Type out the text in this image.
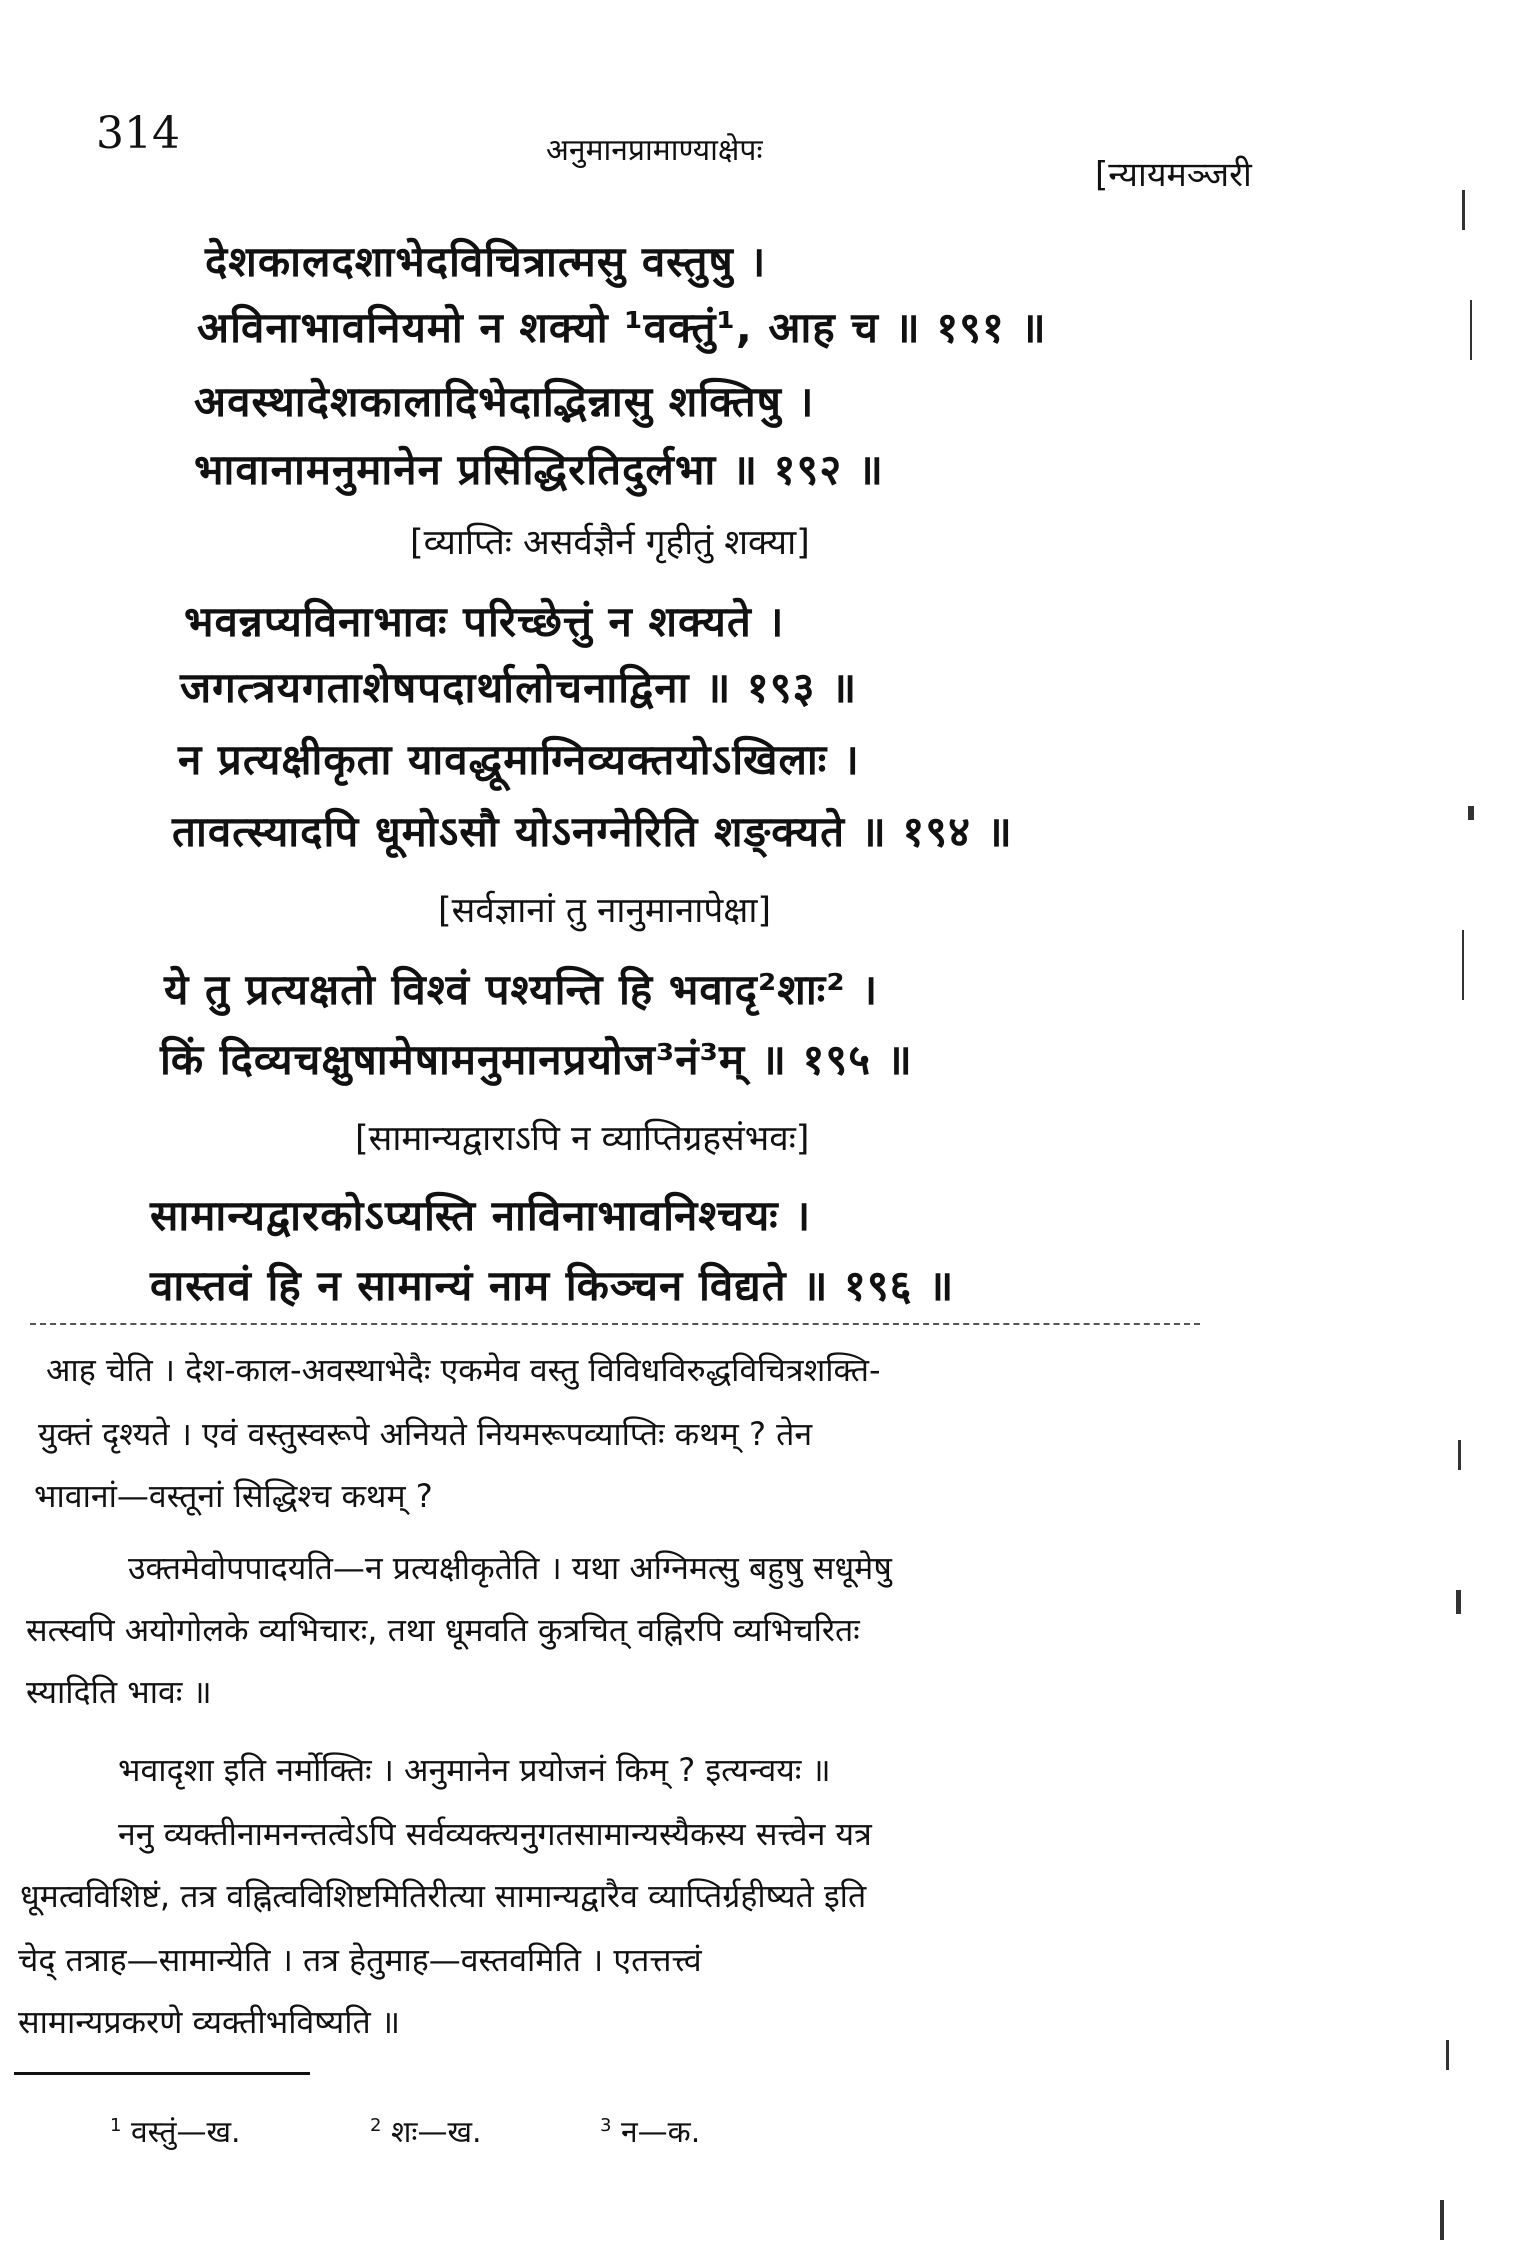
314	अनुमानप्रामाण्याक्षेपः
[न्यायमञ्जरी
देशकालदशाभेदविचित्रात्मसु वस्तुषु ।
अविनाभावनियमो न शक्यो ¹वक्तुं¹, आह च ॥ १९१ ॥
अवस्थादेशकालादिभेदाद्भिन्नासु शक्तिषु ।
भावानामनुमानेन प्रसिद्धिरतिदुर्लभा ॥ १९२ ॥
[व्याप्तिः असर्वज्ञैर्न गृहीतुं शक्या]
भवन्नप्यविनाभावः परिच्छेत्तुं न शक्यते ।
जगत्त्रयगताशेषपदार्थालोचनाद्विना ॥ १९३ ॥
न प्रत्यक्षीकृता यावद्धूमाग्निव्यक्तयोऽखिलाः ।
तावत्स्यादपि धूमोऽसौ योऽनग्नेरिति शङ्क्यते ॥ १९४ ॥
[सर्वज्ञानां तु नानुमानापेक्षा]
ये तु प्रत्यक्षतो विश्वं पश्यन्ति हि भवादृ²शाः² ।
किं दिव्यचक्षुषामेषामनुमानप्रयोज³नं³म् ॥ १९५ ॥
[सामान्यद्वाराऽपि न व्याप्तिग्रहसंभवः]
सामान्यद्वारकोऽप्यस्ति नाविनाभावनिश्चयः ।
वास्तवं हि न सामान्यं नाम किञ्चन विद्यते ॥ १९६ ॥
आह चेति । देश-काल-अवस्थाभेदैः एकमेव वस्तु विविधविरुद्धविचित्रशक्ति-
युक्तं दृश्यते । एवं वस्तुस्वरूपे अनियते नियमरूपव्याप्तिः कथम् ? तेन
भावानां—वस्तूनां सिद्धिश्च कथम् ?
उक्तमेवोपपादयति—न प्रत्यक्षीकृतेति । यथा अग्निमत्सु बहुषु सधूमेषु
सत्स्वपि अयोगोलके व्यभिचारः, तथा धूमवति कुत्रचित् वह्निरपि व्यभिचरितः
स्यादिति भावः ॥
भवादृशा इति नर्मोक्तिः । अनुमानेन प्रयोजनं किम् ? इत्यन्वयः ॥
ननु व्यक्तीनामनन्तत्वेऽपि सर्वव्यक्त्यनुगतसामान्यस्यैकस्य सत्त्वेन यत्र
धूमत्वविशिष्टं, तत्र वह्नित्वविशिष्टमितिरीत्या सामान्यद्वारैव व्याप्तिर्ग्रहीष्यते इति
चेद् तत्राह—सामान्येति । तत्र हेतुमाह—वस्तवमिति । एतत्तत्त्वं
सामान्यप्रकरणे व्यक्तीभविष्यति ॥
$^1$ वस्तुं—ख.	$^2$ शः—ख.	$^3$ न—क.
